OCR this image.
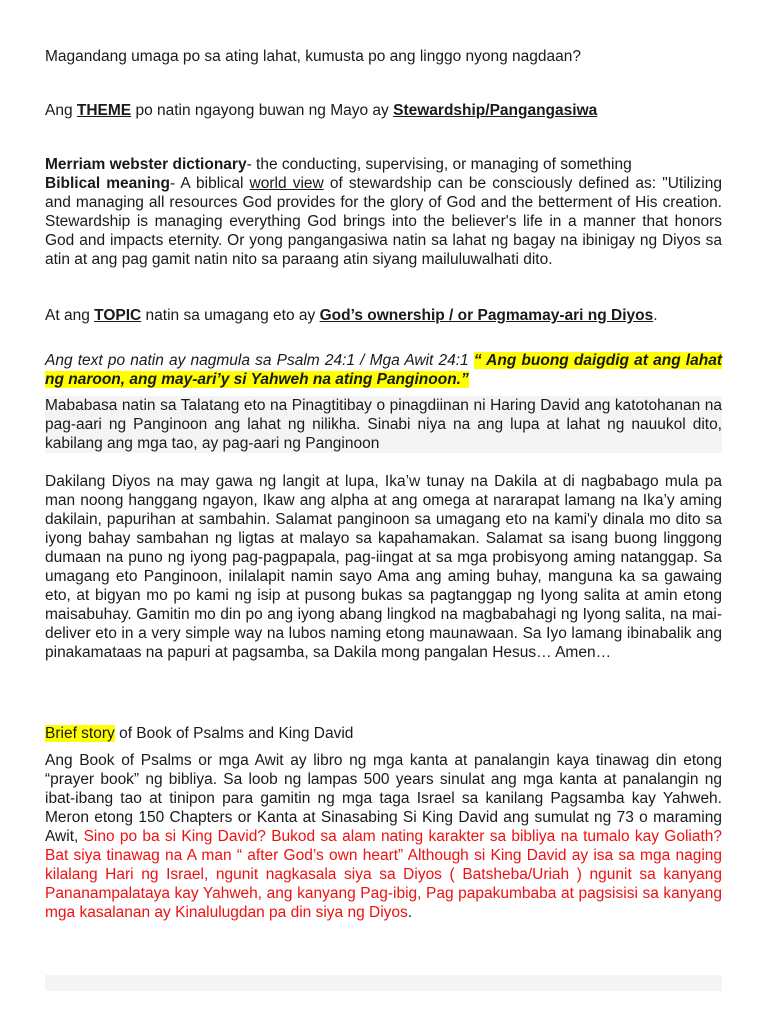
Magandang umaga po sa ating lahat, kumusta po ang linggo nyong nagdaan?

Ang THEME po natin ngayong buwan ng Mayo ay Stewardship/Pangangasiwa

Merriam webster dictionary- the conducting, supervising, or managing of something

Biblical meaning- A biblical world view of stewardship can be consciously defined as: "Utilizing and managing all resources God provides for the glory of God and the betterment of His creation. Stewardship is managing everything God brings into the believer's life in a manner that honors God and impacts eternity. Or yong pangangasiwa natin sa lahat ng bagay na ibinigay ng Diyos sa atin at ang pag gamit natin nito sa paraang atin siyang mailuluwalhati dito.

At ang TOPIC natin sa umagang eto ay God’s ownership / or Pagmamay-ari ng Diyos.

Ang text po natin ay nagmula sa Psalm 24:1 / Mga Awit 24:1 “ Ang buong daigdig at ang lahat ng naroon, ang may-ari’y si Yahweh na ating Panginoon.”

Mababasa natin sa Talatang eto na Pinagtitibay o pinagdiinan ni Haring David ang katotohanan na pag-aari ng Panginoon ang lahat ng nilikha. Sinabi niya na ang lupa at lahat ng nauukol dito, kabilang ang mga tao, ay pag-aari ng Panginoon

Dakilang Diyos na may gawa ng langit at lupa, Ika’w tunay na Dakila at di nagbabago mula pa man noong hanggang ngayon, Ikaw ang alpha at ang omega at nararapat lamang na Ika’y aming dakilain, papurihan at sambahin. Salamat panginoon sa umagang eto na kami'y dinala mo dito sa iyong bahay sambahan ng ligtas at malayo sa kapahamakan. Salamat sa isang buong linggong dumaan na puno ng iyong pag-pagpapala, pag-iingat at sa mga probisyong aming natanggap. Sa umagang eto Panginoon, inilalapit namin sayo Ama ang aming buhay, manguna ka sa gawaing eto, at bigyan mo po kami ng isip at pusong bukas sa pagtanggap ng Iyong salita at amin etong maisabuhay. Gamitin mo din po ang iyong abang lingkod na magbabahagi ng Iyong salita, na mai- deliver eto in a very simple way na lubos naming etong maunawaan. Sa Iyo lamang ibinabalik ang pinakamataas na papuri at pagsamba, sa Dakila mong pangalan Hesus… Amen…

Brief story of Book of Psalms and King David

Ang Book of Psalms or mga Awit ay libro ng mga kanta at panalangin kaya tinawag din etong “prayer book” ng bibliya. Sa loob ng lampas 500 years sinulat ang mga kanta at panalangin ng ibat-ibang tao at tinipon para gamitin ng mga taga Israel sa kanilang Pagsamba kay Yahweh. Meron etong 150 Chapters or Kanta at Sinasabing Si King David ang sumulat ng 73 o maraming Awit, Sino po ba si King David? Bukod sa alam nating karakter sa bibliya na tumalo kay Goliath? Bat siya tinawag na A man “ after God’s own heart” Although si King David ay isa sa mga naging kilalang Hari ng Israel, ngunit nagkasala siya sa Diyos ( Batsheba/Uriah ) ngunit sa kanyang Pananampalataya kay Yahweh, ang kanyang Pag-ibig, Pag papakumbaba at pagsisisi sa kanyang mga kasalanan ay Kinalulugdan pa din siya ng Diyos.
